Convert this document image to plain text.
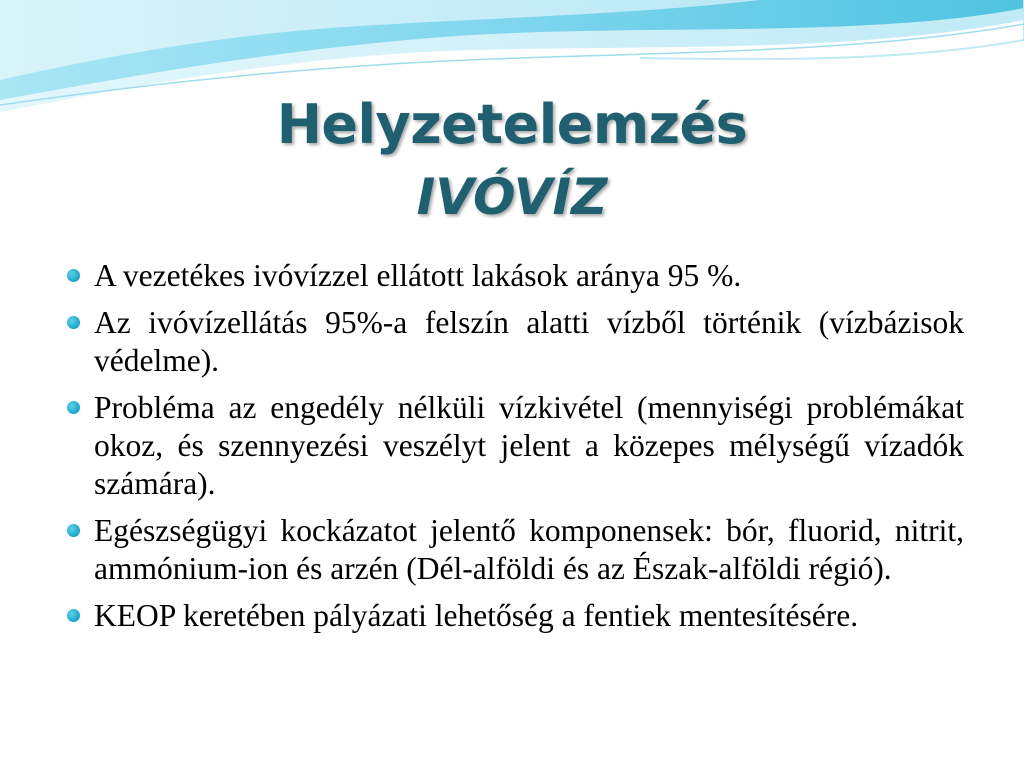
Helyzetelemzés
IVÓVÍZ
A vezetékes ivóvízzel ellátott lakások aránya 95 %.
Az ivóvízellátás 95%-a felszín alatti vízből történik (vízbázisok védelme).
Probléma az engedély nélküli vízkivétel (mennyiségi problémákat okoz, és szennyezési veszélyt jelent a közepes mélységű vízadók számára).
Egészségügyi kockázatot jelentő komponensek: bór, fluorid, nitrit, ammónium-ion és arzén (Dél-alföldi és az Észak-alföldi régió).
KEOP keretében pályázati lehetőség a fentiek mentesítésére.
